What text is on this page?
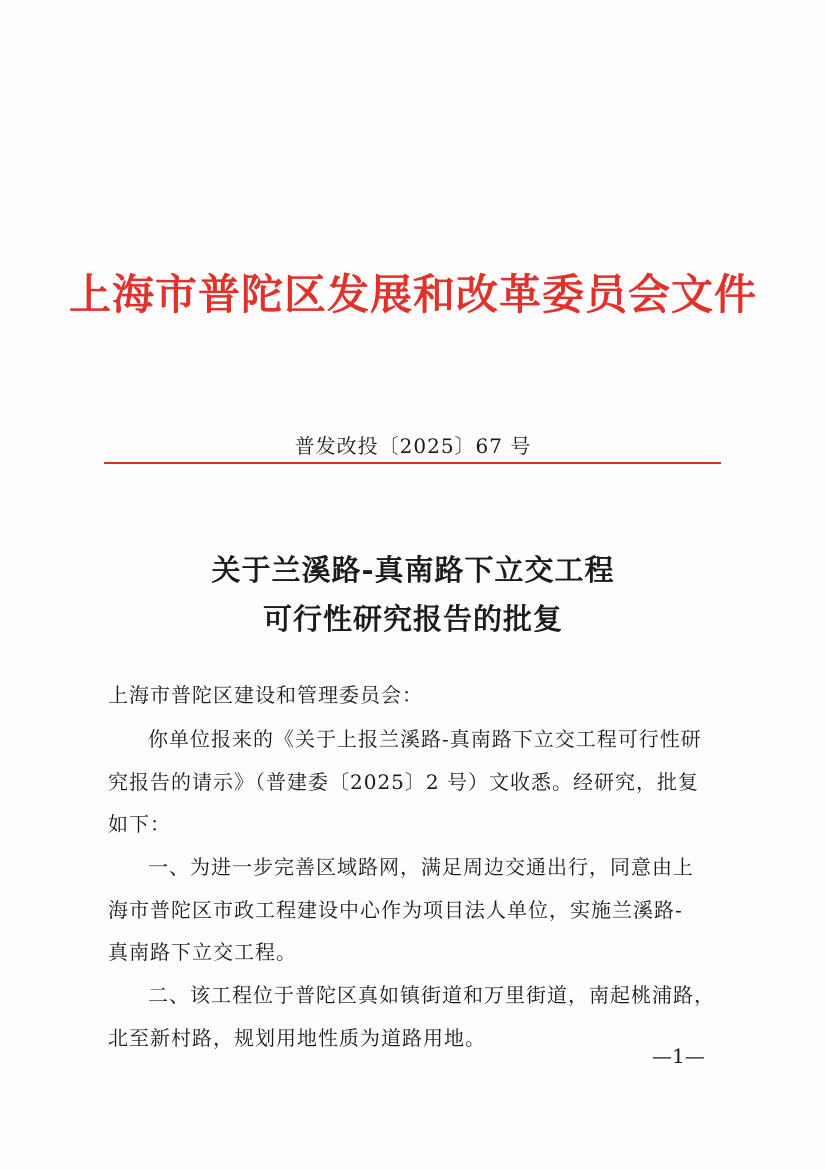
上海市普陀区发展和改革委员会文件
普发改投〔2025〕67 号
关于兰溪路-真南路下立交工程
可行性研究报告的批复
上海市普陀区建设和管理委员会：
你单位报来的《关于上报兰溪路-真南路下立交工程可行性研
究报告的请示》（普建委〔2025〕2 号）文收悉。经研究，批复
如下：
一、为进一步完善区域路网，满足周边交通出行，同意由上
海市普陀区市政工程建设中心作为项目法人单位，实施兰溪路-
真南路下立交工程。
二、该工程位于普陀区真如镇街道和万里街道，南起桃浦路，
北至新村路，规划用地性质为道路用地。
—1—
